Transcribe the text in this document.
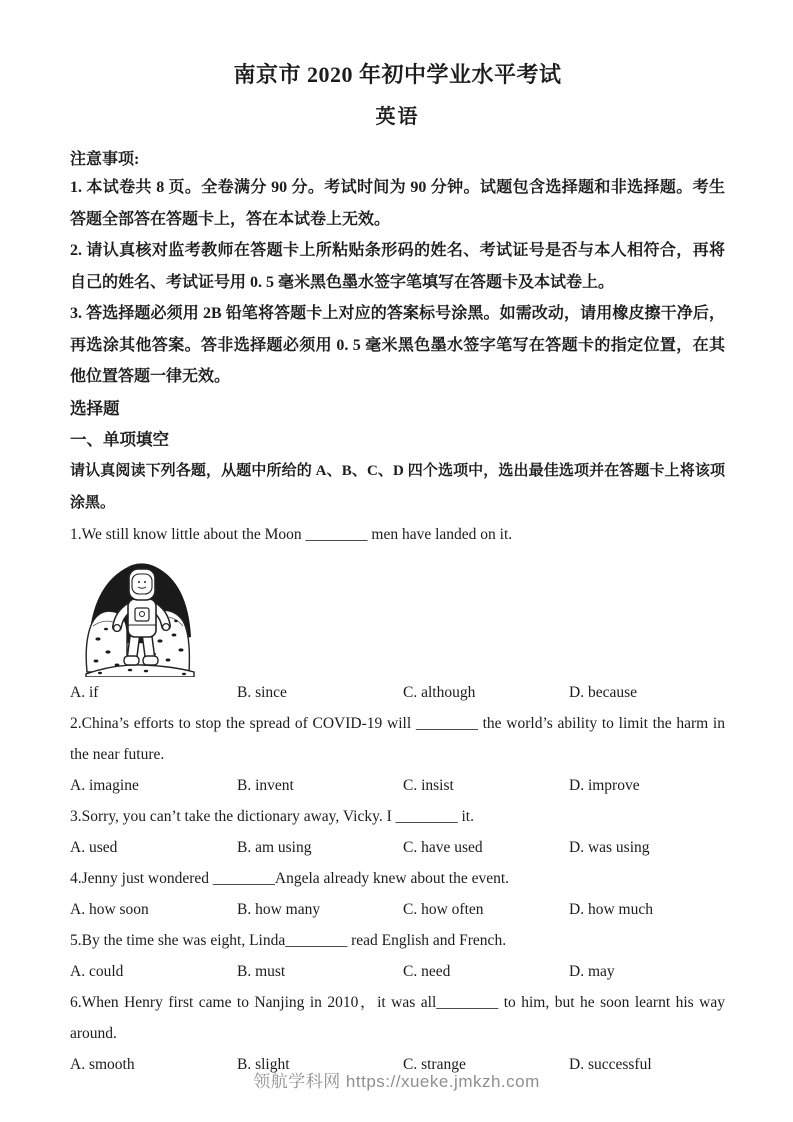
南京市 2020 年初中学业水平考试
英语
注意事项:

1. 本试卷共 8 页。全卷满分 90 分。考试时间为 90 分钟。试题包含选择题和非选择题。考生答题全部答在答题卡上，答在本试卷上无效。

2. 请认真核对监考教师在答题卡上所粘贴条形码的姓名、考试证号是否与本人相符合，再将自己的姓名、考试证号用 0. 5 毫米黑色墨水签字笔填写在答题卡及本试卷上。

3. 答选择题必须用 2B 铅笔将答题卡上对应的答案标号涂黑。如需改动，请用橡皮擦干净后，再选涂其他答案。答非选择题必须用 0. 5 毫米黑色墨水签字笔写在答题卡的指定位置，在其他位置答题一律无效。

选择题
一、单项填空

请认真阅读下列各题，从题中所给的 A、B、C、D 四个选项中，选出最佳选项并在答题卡上将该项涂黑。

1.We still know little about the Moon ________ men have landed on it.

A. if	B. since	C. although	D. because

2.China’s efforts to stop the spread of COVID-19 will ________ the world’s ability to limit the harm in the near future.

A. imagine	B. invent	C. insist	D. improve

3.Sorry, you can’t take the dictionary away, Vicky. I ________ it.

A. used	B. am using	C. have used	D. was using

4.Jenny just wondered ________Angela already knew about the event.

A. how soon	B. how many	C. how often	D. how much

5.By the time she was eight, Linda________ read English and French.

A. could	B. must	C. need	D. may

6.When Henry first came to Nanjing in 2010，it was all________ to him, but he soon learnt his way around.

A. smooth	B. slight	C. strange	D. successful
领航学科网 https://xueke.jmkzh.com
